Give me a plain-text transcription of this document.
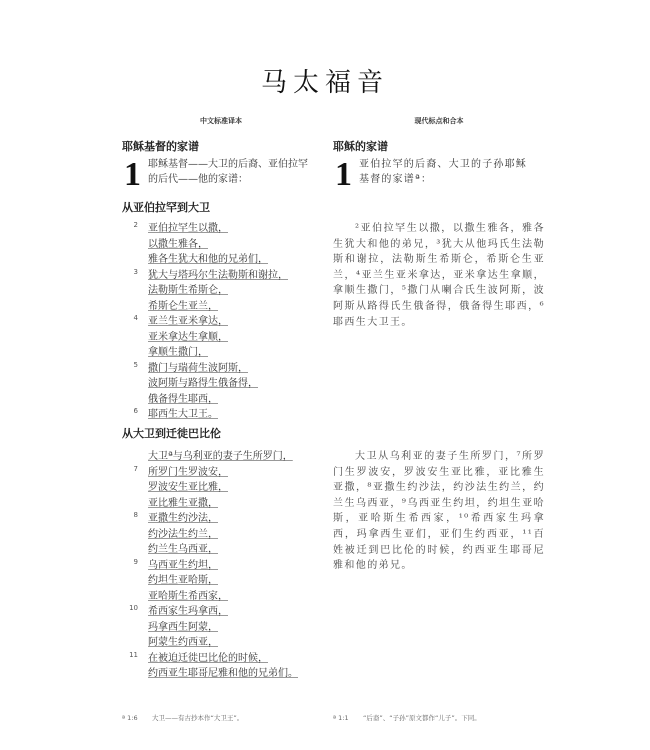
马太福音
中文标准译本
耶稣基督的家谱
1 耶稣基督——大卫的后裔、亚伯拉罕
的后代——他的家谱：
从亚伯拉罕到大卫
2 亚伯拉罕生以撒，
以撒生雅各，
雅各生犹大和他的兄弟们，
3 犹大与塔玛尔生法勒斯和谢拉，
法勒斯生希斯仑，
希斯仑生亚兰，
4 亚兰生亚米拿达，
亚米拿达生拿顺，
拿顺生撒门，
5 撒门与瑞荷生波阿斯，
波阿斯与路得生俄备得，
俄备得生耶西，
6 耶西生大卫王。
从大卫到迁徙巴比伦
大卫ª与乌利亚的妻子生所罗门，
7 所罗门生罗波安，
罗波安生亚比雅，
亚比雅生亚撒，
8 亚撒生约沙法，
约沙法生约兰，
约兰生乌西亚，
9 乌西亚生约坦，
约坦生亚哈斯，
亚哈斯生希西家，
10 希西家生玛拿西，
玛拿西生阿蒙，
阿蒙生约西亚，
11 在被迫迁徙巴比伦的时候，
约西亚生耶哥尼雅和他的兄弟们。
ª 1:6 大卫——有古抄本作“大卫王”。
现代标点和合本
耶稣的家谱
1 亚伯拉罕的后裔、大卫的子孙耶稣
基督的家谱ª：
²亚伯拉罕生以撒，以撒生雅各，雅各生犹大和他的弟兄，³犹大从他玛氏生法勒斯和谢拉，法勒斯生希斯仑，希斯仑生亚兰，⁴亚兰生亚米拿达，亚米拿达生拿顺，拿顺生撒门，⁵撒门从喇合氏生波阿斯，波阿斯从路得氏生俄备得，俄备得生耶西，⁶耶西生大卫王。
大卫从乌利亚的妻子生所罗门，⁷所罗门生罗波安，罗波安生亚比雅，亚比雅生亚撒，⁸亚撒生约沙法，约沙法生约兰，约兰生乌西亚，⁹乌西亚生约坦，约坦生亚哈斯，亚哈斯生希西家，¹⁰希西家生玛拿西，玛拿西生亚们，亚们生约西亚，¹¹百姓被迁到巴比伦的时候，约西亚生耶哥尼雅和他的弟兄。
ª 1:1 “后裔”、“子孙”原文都作“儿子”。下同。
